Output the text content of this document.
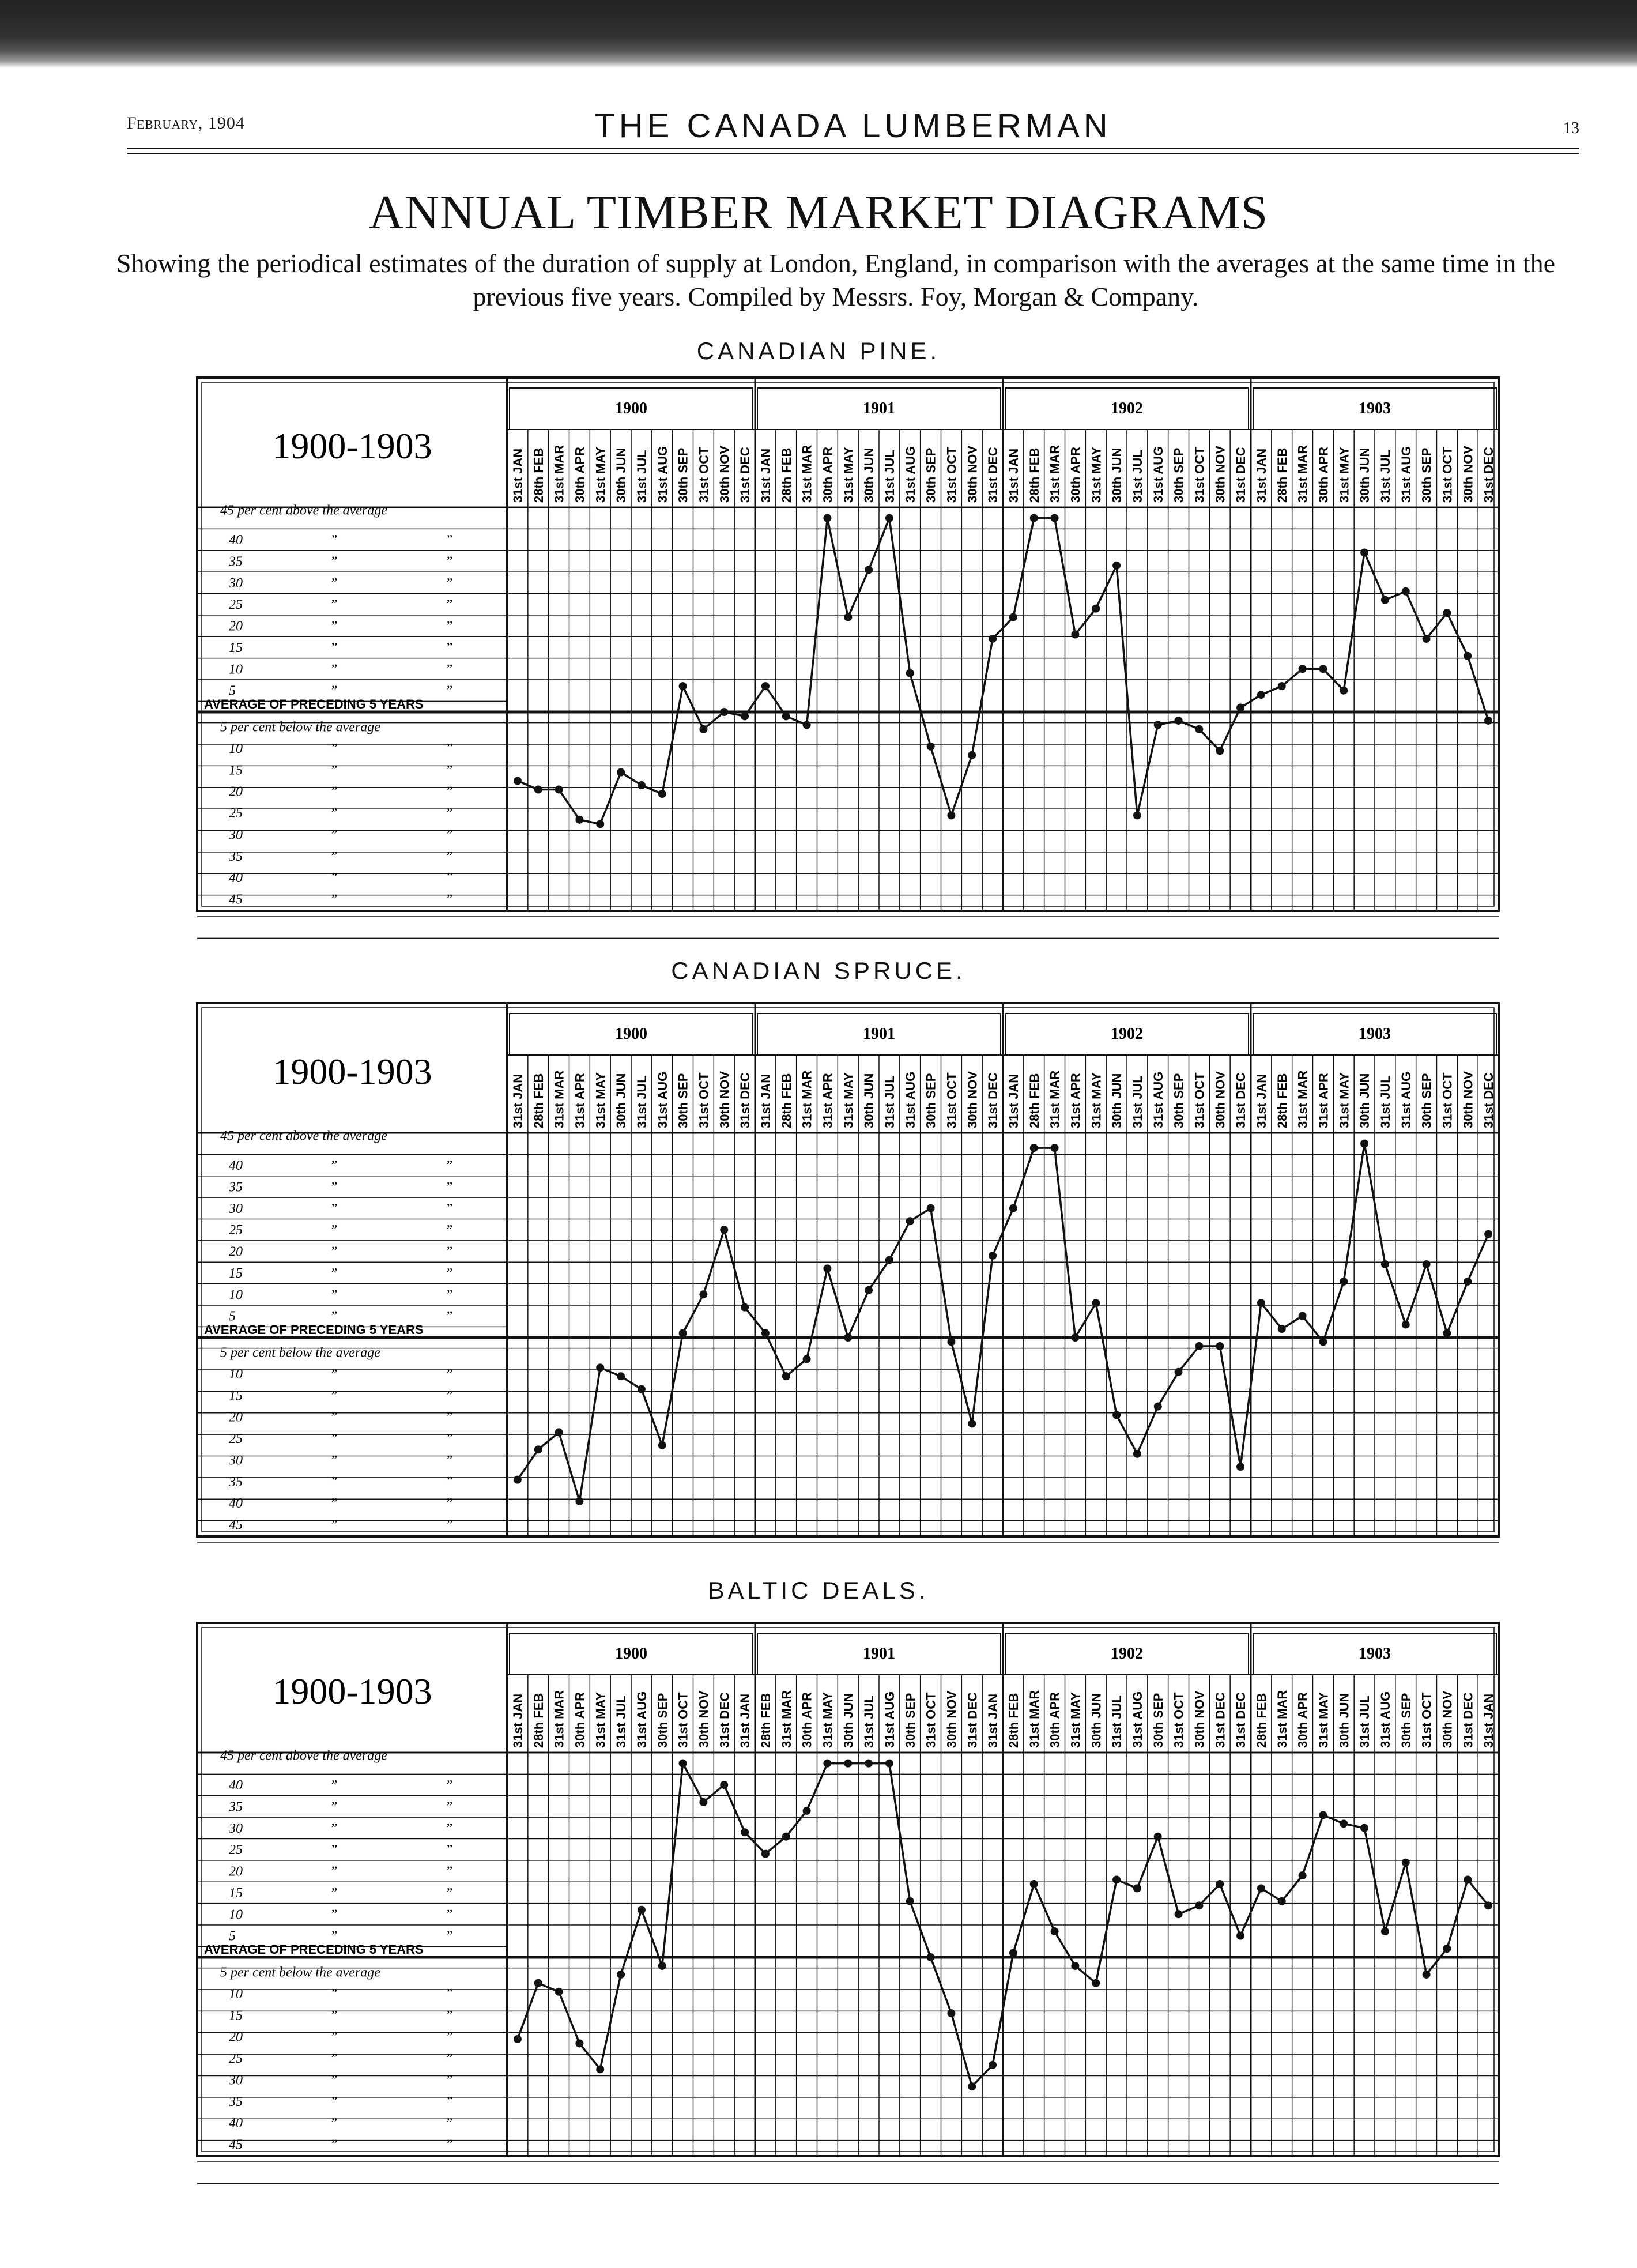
February, 1904	THE CANADA LUMBERMAN	13
ANNUAL TIMBER MARKET DIAGRAMS
Showing the periodical estimates of the duration of supply at London, England, in comparison with the averages at the same time in the previous five years. Compiled by Messrs. Foy, Morgan & Company.
CANADIAN PINE.
CANADIAN SPRUCE.
BALTIC DEALS.
1900-1903
1900	1901	1902	1903
31st JAN 28th FEB 31st MAR 30th APR 31st MAY 30th JUN 31st JUL 31st AUG 30th SEP 31st OCT 30th NOV 31st DEC 31st JAN 28th FEB 31st MAR 30th APR 31st MAY 30th JUN 31st JUL 31st AUG 30th SEP 31st OCT 30th NOV 31st DEC 31st JAN 28th FEB 31st MAR 30th APR 31st MAY 30th JUN 31st JUL 31st AUG 30th SEP 31st OCT 30th NOV 31st DEC 31st JAN 28th FEB 31st MAR 30th APR 31st MAY 30th JUN 31st JUL 31st AUG 30th SEP 31st OCT 30th NOV 31st DEC
45 per cent above the average
40	”	”
35	”	”
30	”	”
25	”	”
20	”	”
15	”	”
10	”	”
5	”	”
AVERAGE OF PRECEDING 5 YEARS
5 per cent below the average
10	”	”
15	”	”
20	”	”
25	”	”
30	”	”
35	”	”
40	”	”
45	”	”
1900-1903
1900	1901	1902	1903
31st JAN 28th FEB 31st MAR 31st APR 31st MAY 30th JUN 31st JUL 31st AUG 30th SEP 31st OCT 30th NOV 31st DEC 31st JAN 28th FEB 31st MAR 31st APR 31st MAY 30th JUN 31st JUL 31st AUG 30th SEP 31st OCT 30th NOV 31st DEC 31st JAN 28th FEB 31st MAR 31st APR 31st MAY 30th JUN 31st JUL 31st AUG 30th SEP 31st OCT 30th NOV 31st DEC 31st JAN 28th FEB 31st MAR 31st APR 31st MAY 30th JUN 31st JUL 31st AUG 30th SEP 31st OCT 30th NOV 31st DEC
45 per cent above the average
40	”	”
35	”	”
30	”	”
25	”	”
20	”	”
15	”	”
10	”	”
5	”	”
AVERAGE OF PRECEDING 5 YEARS
5 per cent below the average
10	”	”
15	”	”
20	”	”
25	”	”
30	”	”
35	”	”
40	”	”
45	”	”
1900-1903
1900	1901	1902	1903
31st JAN 28th FEB 31st MAR 30th APR 31st MAY 31st JUL 31st AUG 30th SEP 31st OCT 30th NOV 31st DEC 31st JAN 28th FEB 31st MAR 30th APR 31st MAY 30th JUN 31st JUL 31st AUG 30th SEP 31st OCT 30th NOV 31st DEC 31st JAN 28th FEB 31st MAR 30th APR 31st MAY 30th JUN 31st JUL 31st AUG 30th SEP 31st OCT 30th NOV 31st DEC 31st DEC 28th FEB 31st MAR 30th APR 31st MAY 30th JUN 31st JUL 31st AUG 30th SEP 31st OCT 30th NOV 31st DEC 31st JAN
45 per cent above the average
40	”	”
35	”	”
30	”	”
25	”	”
20	”	”
15	”	”
10	”	”
5	”	”
AVERAGE OF PRECEDING 5 YEARS
5 per cent below the average
10	”	”
15	”	”
20	”	”
25	”	”
30	”	”
35	”	”
40	”	”
45	”	”
